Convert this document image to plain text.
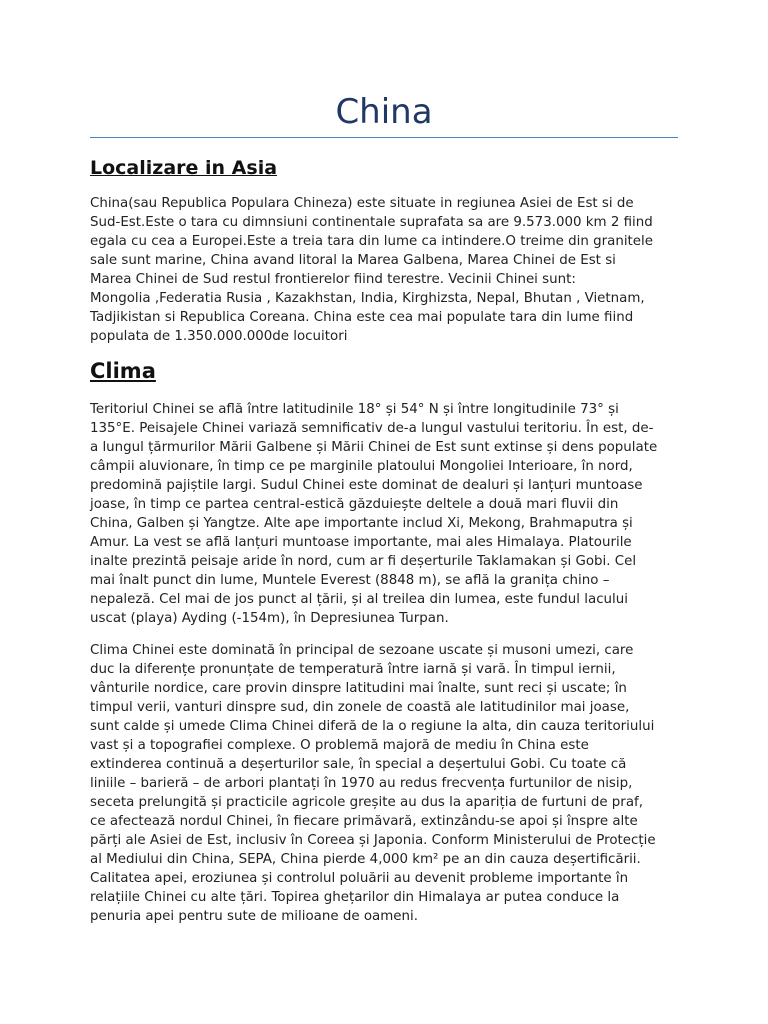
China
Localizare in Asia
China(sau Republica Populara Chineza) este situate in regiunea Asiei de Est si de
Sud-Est.Este o tara cu dimnsiuni continentale suprafata sa are 9.573.000 km 2 fiind
egala cu cea a Europei.Este a treia tara din lume ca intindere.O treime din granitele
sale sunt marine, China avand litoral la Marea Galbena, Marea Chinei de Est si
Marea Chinei de Sud restul frontierelor fiind terestre. Vecinii Chinei sunt:
Mongolia ,Federatia Rusia , Kazakhstan, India, Kirghizsta, Nepal, Bhutan , Vietnam,
Tadjikistan si Republica Coreana. China este cea mai populate tara din lume fiind
populata de 1.350.000.000de locuitori
Clima
Teritoriul Chinei se află între latitudinile 18° și 54° N și între longitudinile 73° și
135°E. Peisajele Chinei variază semnificativ de-a lungul vastului teritoriu. În est, de-
a lungul țărmurilor Mării Galbene și Mării Chinei de Est sunt extinse și dens populate
câmpii aluvionare, în timp ce pe marginile platoului Mongoliei Interioare, în nord,
predomină pajiștile largi. Sudul Chinei este dominat de dealuri și lanțuri muntoase
joase, în timp ce partea central-estică găzduiește deltele a două mari fluvii din
China, Galben și Yangtze. Alte ape importante includ Xi, Mekong, Brahmaputra și
Amur. La vest se află lanțuri muntoase importante, mai ales Himalaya. Platourile
inalte prezintă peisaje aride în nord, cum ar fi deșerturile Taklamakan și Gobi. Cel
mai înalt punct din lume, Muntele Everest (8848 m), se află la granița chino –
nepaleză. Cel mai de jos punct al țării, și al treilea din lumea, este fundul lacului
uscat (playa) Ayding (-154m), în Depresiunea Turpan.
Clima Chinei este dominată în principal de sezoane uscate și musoni umezi, care
duc la diferențe pronunțate de temperatură între iarnă și vară. În timpul iernii,
vânturile nordice, care provin dinspre latitudini mai înalte, sunt reci și uscate; în
timpul verii, vanturi dinspre sud, din zonele de coastă ale latitudinilor mai joase,
sunt calde și umede Clima Chinei diferă de la o regiune la alta, din cauza teritoriului
vast și a topografiei complexe. O problemă majoră de mediu în China este
extinderea continuă a deșerturilor sale, în special a deșertului Gobi. Cu toate că
liniile – barieră – de arbori plantați în 1970 au redus frecvența furtunilor de nisip,
seceta prelungită și practicile agricole greșite au dus la apariția de furtuni de praf,
ce afectează nordul Chinei, în fiecare primăvară, extinzându-se apoi și înspre alte
părți ale Asiei de Est, inclusiv în Coreea și Japonia. Conform Ministerului de Protecție
al Mediului din China, SEPA, China pierde 4,000 km² pe an din cauza deșertificării.
Calitatea apei, eroziunea și controlul poluării au devenit probleme importante în
relațiile Chinei cu alte țări. Topirea ghețarilor din Himalaya ar putea conduce la
penuria apei pentru sute de milioane de oameni.
